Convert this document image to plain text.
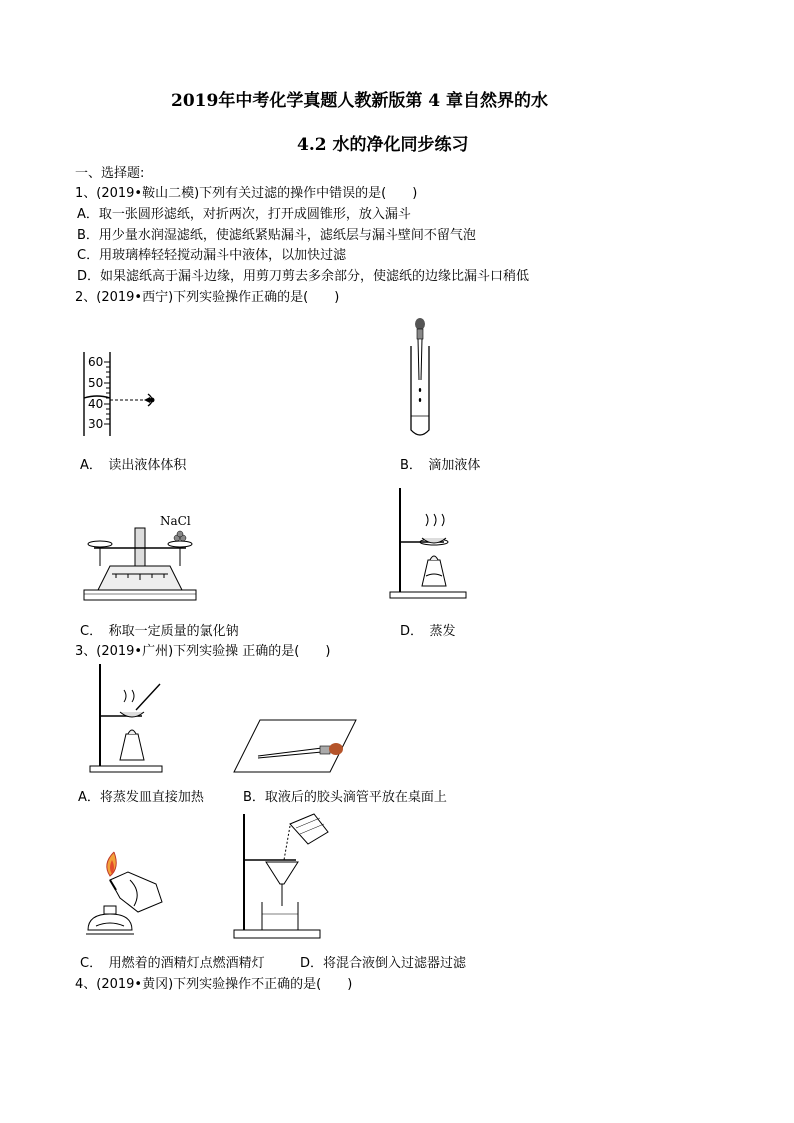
2019年中考化学真题人教新版第 4 章自然界的水
4.2 水的净化同步练习
一、选择题:
1、(2019•鞍山二模)下列有关过滤的操作中错误的是(　　)
A．取一张圆形滤纸，对折两次，打开成圆锥形，放入漏斗
B．用少量水润湿滤纸，使滤纸紧贴漏斗，滤纸层与漏斗壁间不留气泡
C．用玻璃棒轻轻搅动漏斗中液体，以加快过滤
D．如果滤纸高于漏斗边缘，用剪刀剪去多余部分，使滤纸的边缘比漏斗口稍低
2、(2019•西宁)下列实验操作正确的是(　　)
60
50
40
30
A．　读出液体体积	B．　滴加液体
NaCl
C．　称取一定质量的氯化钠	D．　蒸发
3、(2019•广州)下列实验操 正确的是(　　)
A．将蒸发皿直接加热	B．取液后的胶头滴管平放在桌面上
C．　用燃着的酒精灯点燃酒精灯	D．将混合液倒入过滤器过滤
4、(2019•黄冈)下列实验操作不正确的是(　　)
